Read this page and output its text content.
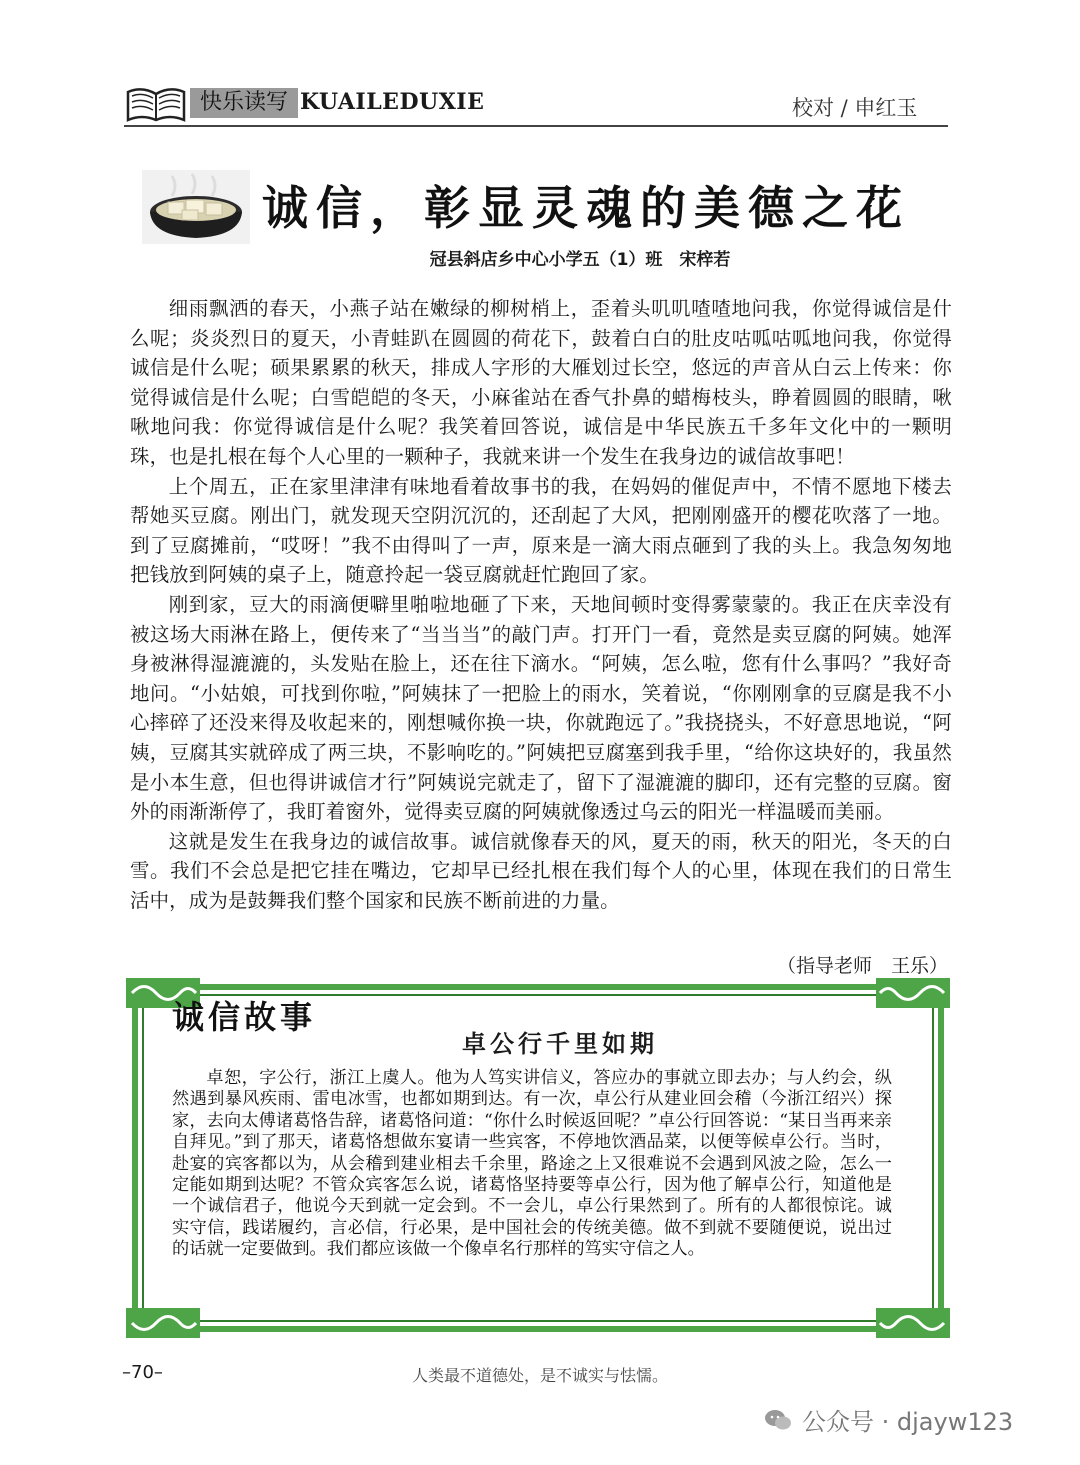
快乐读写 KUAILEDUXIE	校对 / 申红玉
诚信，彰显灵魂的美德之花
冠县斜店乡中心小学五（1）班　宋梓若

细雨飘洒的春天，小燕子站在嫩绿的柳树梢上，歪着头叽叽喳喳地问我，你觉得诚信是什么呢；炎炎烈日的夏天，小青蛙趴在圆圆的荷花下，鼓着白白的肚皮咕呱咕呱地问我，你觉得诚信是什么呢；硕果累累的秋天，排成人字形的大雁划过长空，悠远的声音从白云上传来：你觉得诚信是什么呢；白雪皑皑的冬天，小麻雀站在香气扑鼻的蜡梅枝头，睁着圆圆的眼睛，啾啾地问我：你觉得诚信是什么呢？我笑着回答说，诚信是中华民族五千多年文化中的一颗明珠，也是扎根在每个人心里的一颗种子，我就来讲一个发生在我身边的诚信故事吧！

上个周五，正在家里津津有味地看着故事书的我，在妈妈的催促声中，不情不愿地下楼去帮她买豆腐。刚出门，就发现天空阴沉沉的，还刮起了大风，把刚刚盛开的樱花吹落了一地。到了豆腐摊前，“哎呀！”我不由得叫了一声，原来是一滴大雨点砸到了我的头上。我急匆匆地把钱放到阿姨的桌子上，随意拎起一袋豆腐就赶忙跑回了家。

刚到家，豆大的雨滴便噼里啪啦地砸了下来，天地间顿时变得雾蒙蒙的。我正在庆幸没有被这场大雨淋在路上，便传来了“当当当”的敲门声。打开门一看，竟然是卖豆腐的阿姨。她浑身被淋得湿漉漉的，头发贴在脸上，还在往下滴水。“阿姨，怎么啦，您有什么事吗？”我好奇地问。“小姑娘，可找到你啦，”阿姨抹了一把脸上的雨水，笑着说，“你刚刚拿的豆腐是我不小心摔碎了还没来得及收起来的，刚想喊你换一块，你就跑远了。”我挠挠头，不好意思地说，“阿姨，豆腐其实就碎成了两三块，不影响吃的。”阿姨把豆腐塞到我手里，“给你这块好的，我虽然是小本生意，但也得讲诚信才行”阿姨说完就走了，留下了湿漉漉的脚印，还有完整的豆腐。窗外的雨渐渐停了，我盯着窗外，觉得卖豆腐的阿姨就像透过乌云的阳光一样温暖而美丽。

这就是发生在我身边的诚信故事。诚信就像春天的风，夏天的雨，秋天的阳光，冬天的白雪。我们不会总是把它挂在嘴边，它却早已经扎根在我们每个人的心里，体现在我们的日常生活中，成为是鼓舞我们整个国家和民族不断前进的力量。

（指导老师　王乐）
诚信故事
卓公行千里如期

卓恕，字公行，浙江上虞人。他为人笃实讲信义，答应办的事就立即去办；与人约会，纵然遇到暴风疾雨、雷电冰雪，也都如期到达。有一次，卓公行从建业回会稽（今浙江绍兴）探家，去向太傅诸葛恪告辞，诸葛恪问道：“你什么时候返回呢？”卓公行回答说：“某日当再来亲自拜见。”到了那天，诸葛恪想做东宴请一些宾客，不停地饮酒品菜，以便等候卓公行。当时，赴宴的宾客都以为，从会稽到建业相去千余里，路途之上又很难说不会遇到风波之险，怎么一定能如期到达呢？不管众宾客怎么说，诸葛恪坚持要等卓公行，因为他了解卓公行，知道他是一个诚信君子，他说今天到就一定会到。不一会儿，卓公行果然到了。所有的人都很惊诧。诚实守信，践诺履约，言必信，行必果，是中国社会的传统美德。做不到就不要随便说，说出过的话就一定要做到。我们都应该做一个像卓名行那样的笃实守信之人。

–70–	人类最不道德处，是不诚实与怯懦。
公众号 · djayw123
